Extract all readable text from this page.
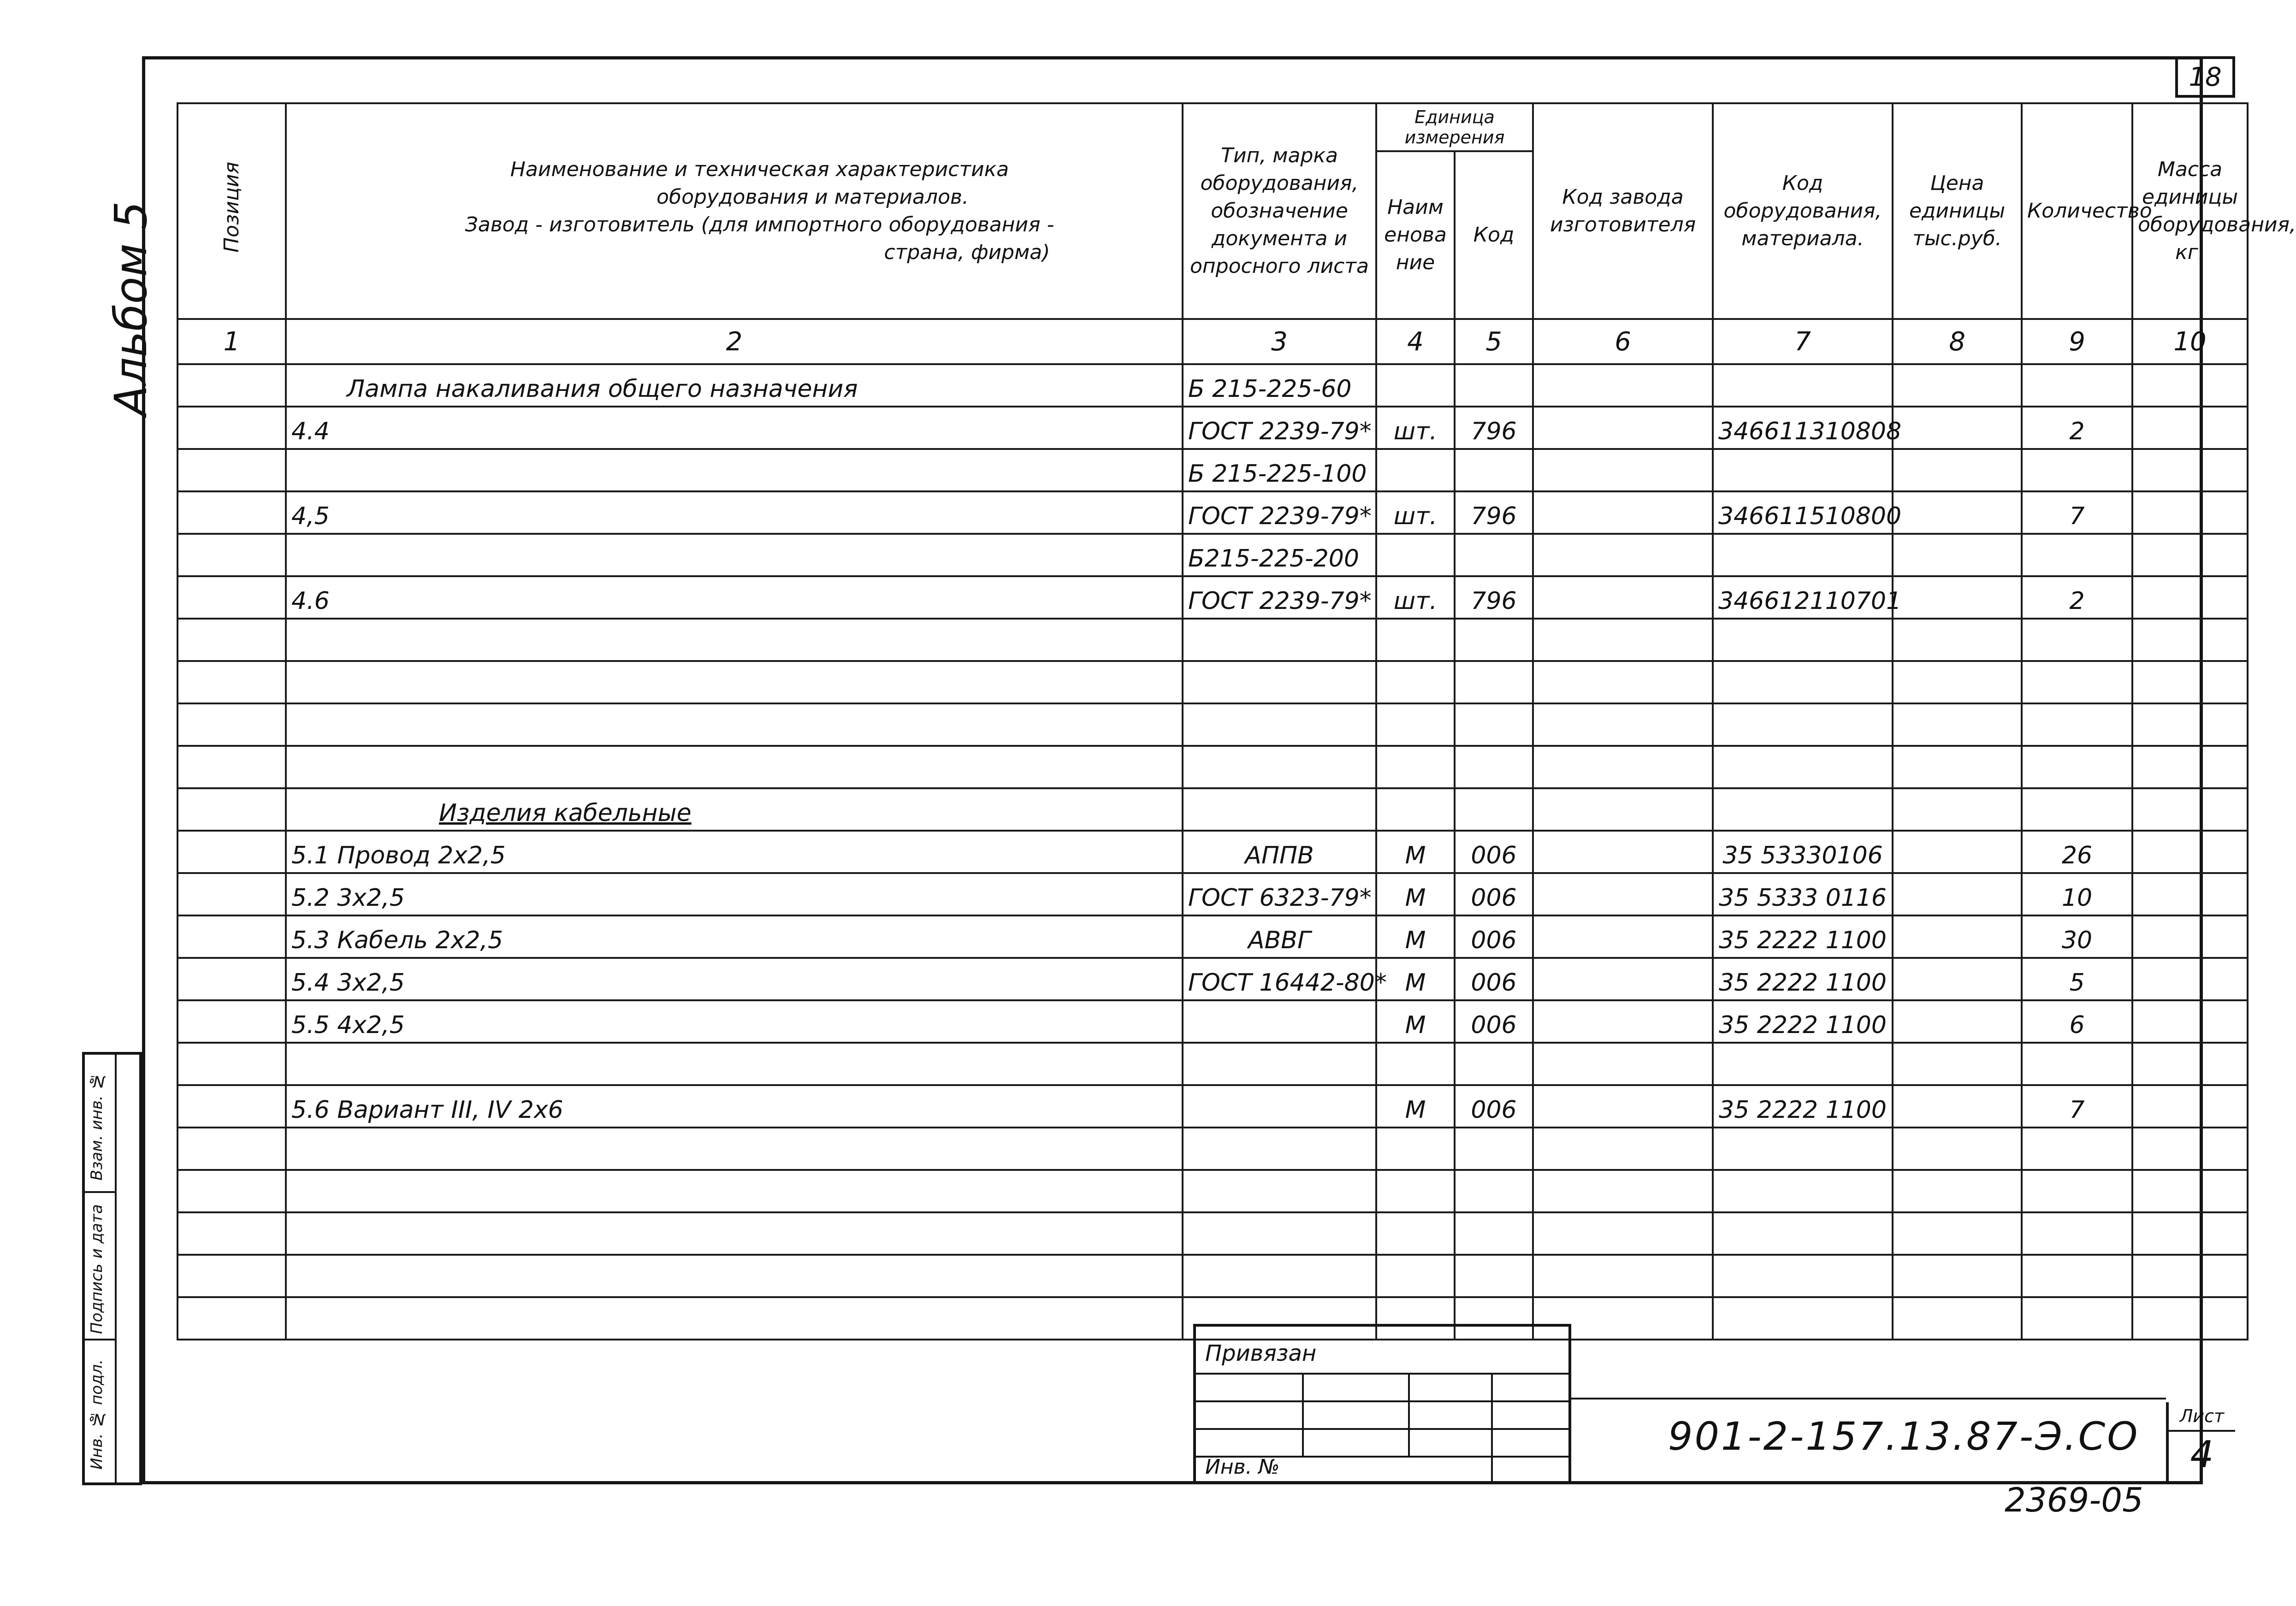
18
Альбом 5	Позиция	Наименование и техническая характеристика
оборудования и материалов.
Завод - изготовитель (для импортного оборудования -
страна, фирма)	Тип, марка оборудования, обозначение документа и опросного листа	Единица измерения		Код завода изготовителя	Код оборудования, материала.	Цена единицы тыс.руб.	Количество	Масса единицы оборудования, кг.
			Наименование	Код					
1	2	3	4	5	6	7	8	9	10
	Лампа накаливания общего назначения	Б 215-225-60							
	4.4	ГОСТ 2239-79*	шт.	796		346611310808		2	
		Б 215-225-100							
	4,5	ГОСТ 2239-79*	шт.	796		346611510800		7	
		Б215-225-200							
	4.6	ГОСТ 2239-79*	шт.	796		346612110701		2	

	Изделия кабельные								
	5.1 Провод 2х2,5	АППВ	М	006		35 53330106		26	
	5.2 3х2,5	ГОСТ 6323-79*	М	006		35 5333 0116		10	
	5.3 Кабель 2х2,5	АВВГ	М	006		35 2222 1100		30	
	5.4 3х2,5	ГОСТ 16442-80*	М	006		35 2222 1100		5	
	5.5 4х2,5		М	006		35 2222 1100		6	

	5.6 Вариант III, IV 2х6		М	006		35 2222 1100		7	

Взам. инв. №
Подпись и дата
Инв. № подл.
Привязан
Инв. №
901-2-157.13.87-Э.СО	Лист
4
2369-05
